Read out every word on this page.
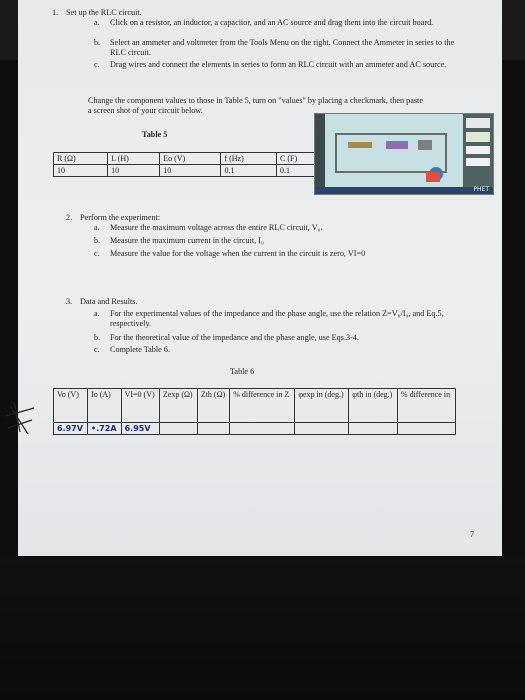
1. Set up the RLC circuit.
a. Click on a resistor, an inductor, a capacitor, and an AC source and drag them into the circuit board.
b. Select an ammeter and voltmeter from the Tools Menu on the right. Connect the Ammeter in series to the RLC circuit.
c. Drag wires and connect the elements in series to form an RLC circuit with an ammeter and AC source.
Change the component values to those in Table 5, turn on "values" by placing a checkmark, then paste a screen shot of your circuit below.
Table 5
R (Ω)	L (H)	Eo (V)	f (Hz)	C (F)
10	10	10	0.1	0.1
2. Perform the experiment:
a. Measure the maximum voltage across the entire RLC circuit, V₀.
b. Measure the maximum current in the circuit, I₀
c. Measure the value for the voltage when the current in the circuit is zero, VI=0
3. Data and Results.
a. For the experimental values of the impedance and the phase angle, use the relation Z=V₀/I₀, and Eq.5, respectively.
b. For the theoretical value of the impedance and the phase angle, use Eqs.3-4.
c. Complete Table 6.
Table 6
Vo (V)	Io (A)	VI=0 (V)	Zexp (Ω)	Zth (Ω)	% difference in Z	φexp in (deg.)	φth in (deg.)	% difference in
6.97V	•.72A	6.95V						
7
PHET
